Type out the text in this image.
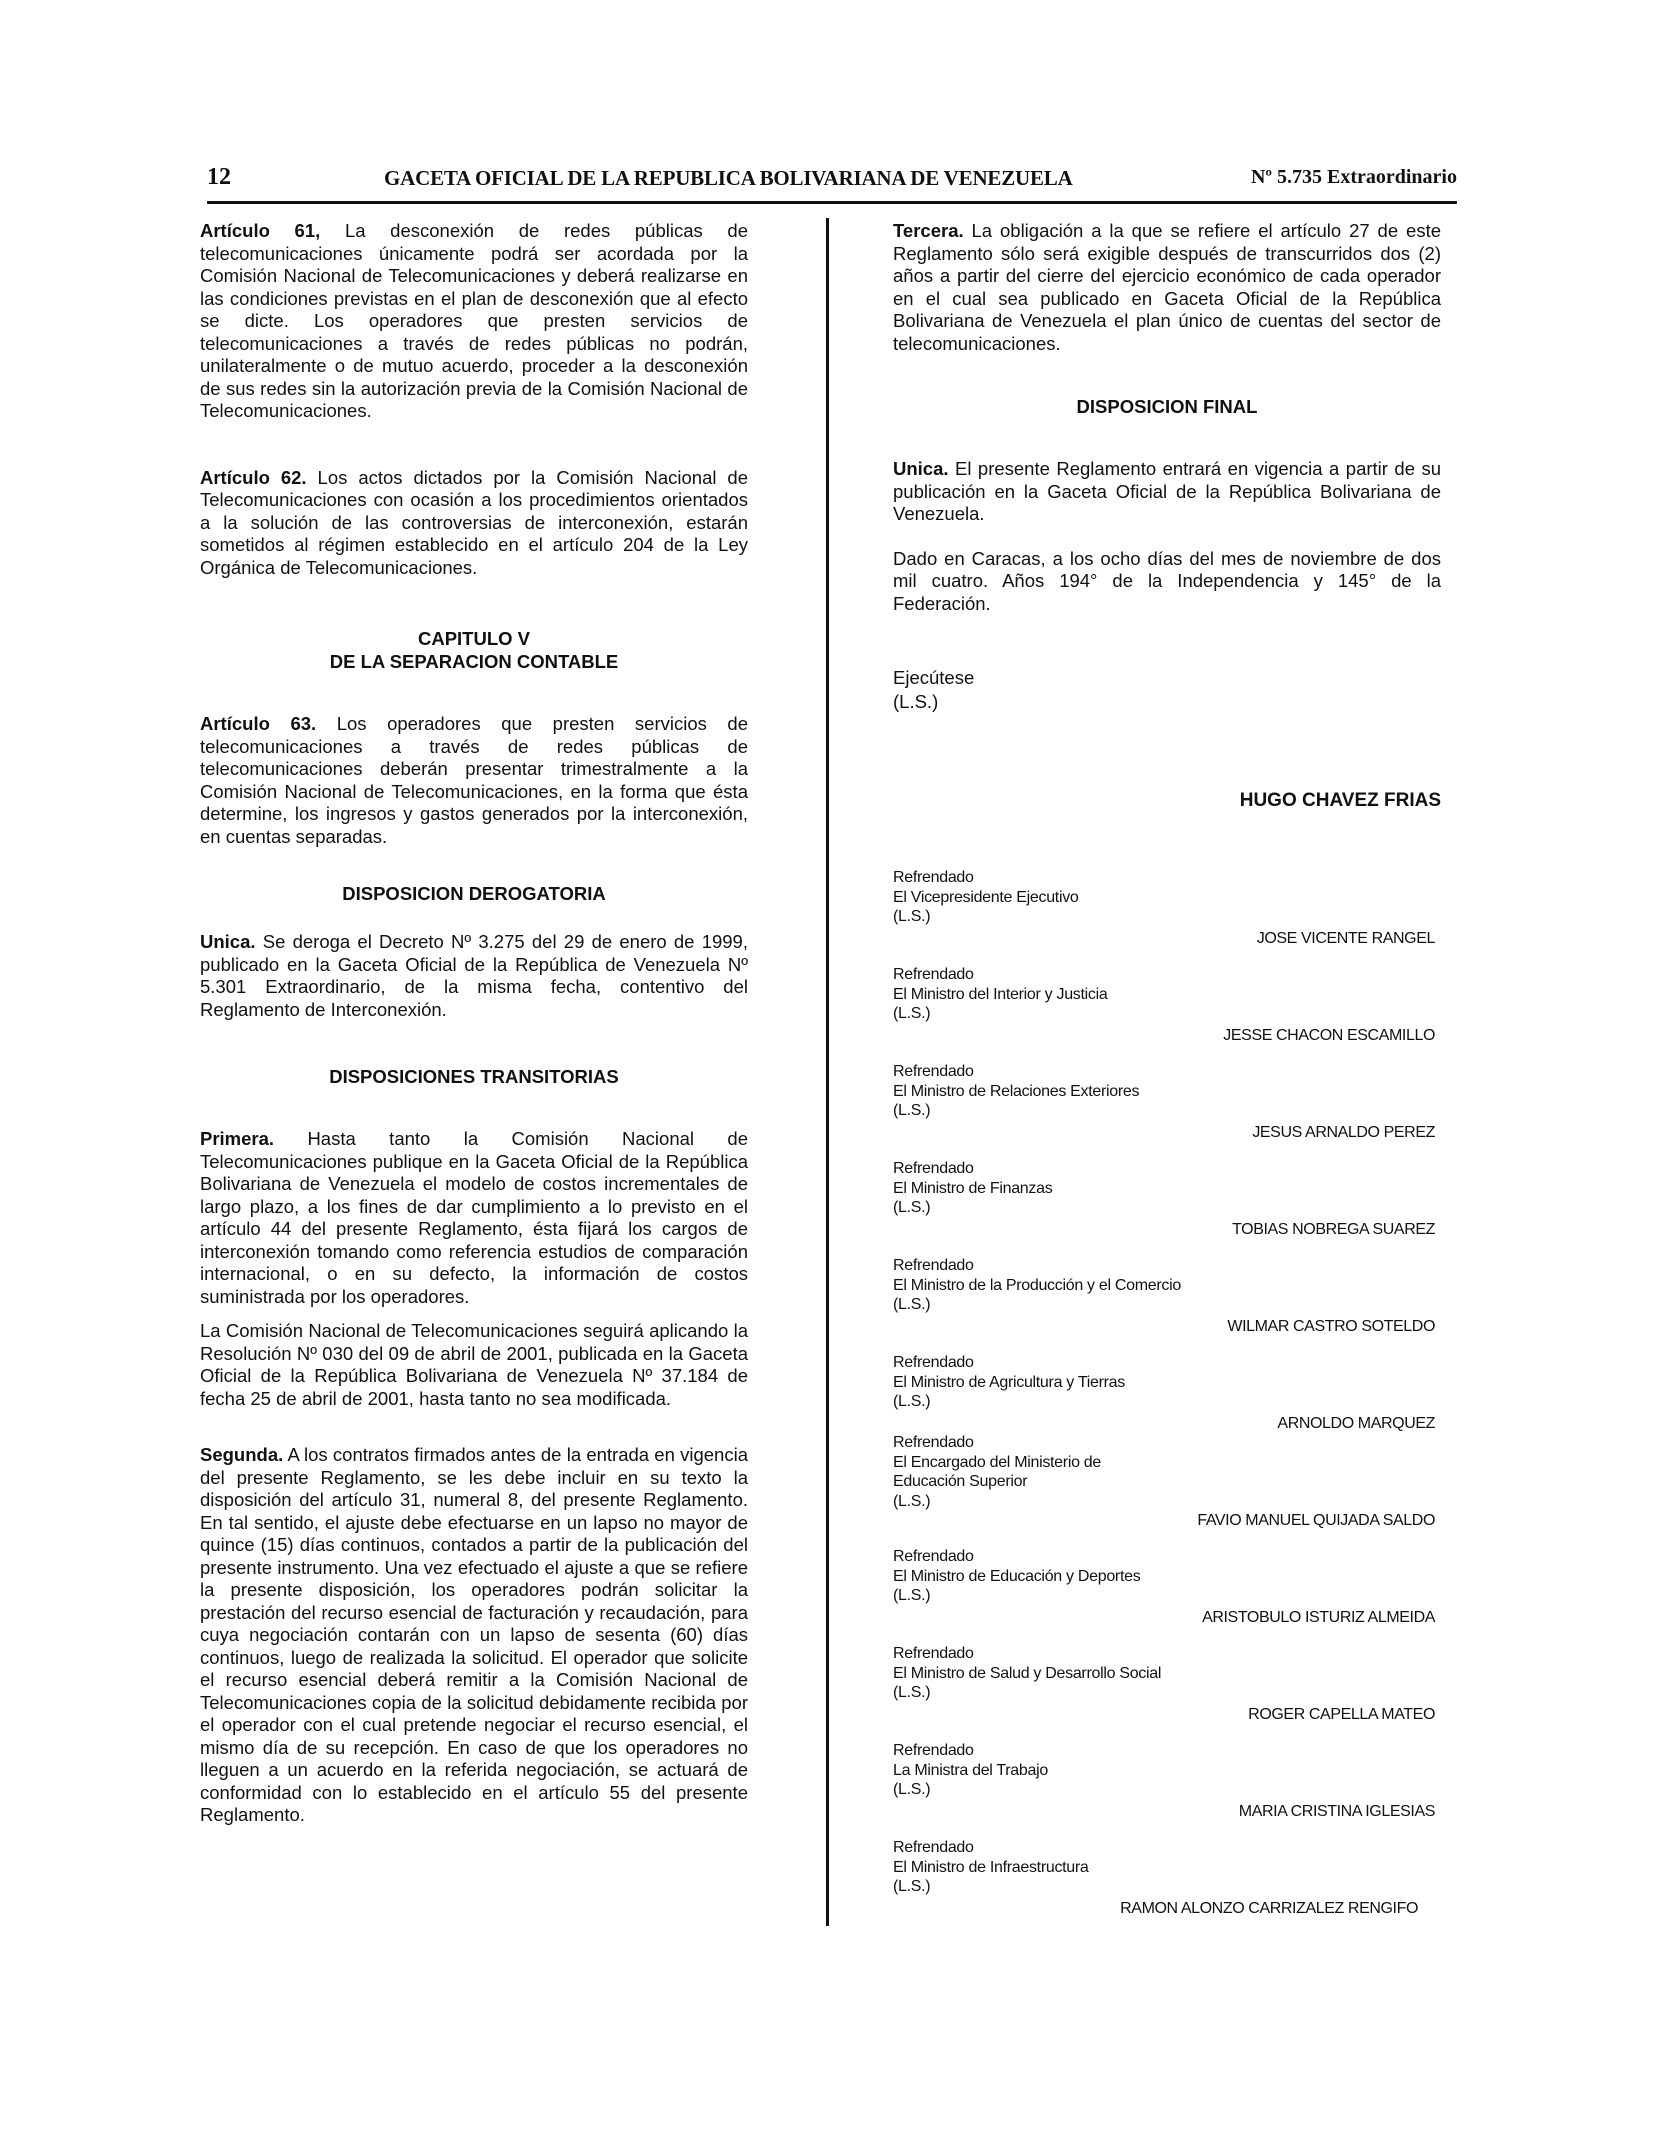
12	GACETA OFICIAL DE LA REPUBLICA BOLIVARIANA DE VENEZUELA	Nº 5.735 Extraordinario

Artículo 61, La desconexión de redes públicas de telecomunicaciones únicamente podrá ser acordada por la Comisión Nacional de Telecomunicaciones y deberá realizarse en las condiciones previstas en el plan de desconexión que al efecto se dicte. Los operadores que presten servicios de telecomunicaciones a través de redes públicas no podrán, unilateralmente o de mutuo acuerdo, proceder a la desconexión de sus redes sin la autorización previa de la Comisión Nacional de Telecomunicaciones.

Artículo 62. Los actos dictados por la Comisión Nacional de Telecomunicaciones con ocasión a los procedimientos orientados a la solución de las controversias de interconexión, estarán sometidos al régimen establecido en el artículo 204 de la Ley Orgánica de Telecomunicaciones.

CAPITULO V
DE LA SEPARACION CONTABLE

Artículo 63. Los operadores que presten servicios de telecomunicaciones a través de redes públicas de telecomunicaciones deberán presentar trimestralmente a la Comisión Nacional de Telecomunicaciones, en la forma que ésta determine, los ingresos y gastos generados por la interconexión, en cuentas separadas.

DISPOSICION DEROGATORIA

Unica. Se deroga el Decreto Nº 3.275 del 29 de enero de 1999, publicado en la Gaceta Oficial de la República de Venezuela Nº 5.301 Extraordinario, de la misma fecha, contentivo del Reglamento de Interconexión.

DISPOSICIONES TRANSITORIAS

Primera. Hasta tanto la Comisión Nacional de Telecomunicaciones publique en la Gaceta Oficial de la República Bolivariana de Venezuela el modelo de costos incrementales de largo plazo, a los fines de dar cumplimiento a lo previsto en el artículo 44 del presente Reglamento, ésta fijará los cargos de interconexión tomando como referencia estudios de comparación internacional, o en su defecto, la información de costos suministrada por los operadores.

La Comisión Nacional de Telecomunicaciones seguirá aplicando la Resolución Nº 030 del 09 de abril de 2001, publicada en la Gaceta Oficial de la República Bolivariana de Venezuela Nº 37.184 de fecha 25 de abril de 2001, hasta tanto no sea modificada.

Segunda. A los contratos firmados antes de la entrada en vigencia del presente Reglamento, se les debe incluir en su texto la disposición del artículo 31, numeral 8, del presente Reglamento. En tal sentido, el ajuste debe efectuarse en un lapso no mayor de quince (15) días continuos, contados a partir de la publicación del presente instrumento. Una vez efectuado el ajuste a que se refiere la presente disposición, los operadores podrán solicitar la prestación del recurso esencial de facturación y recaudación, para cuya negociación contarán con un lapso de sesenta (60) días continuos, luego de realizada la solicitud. El operador que solicite el recurso esencial deberá remitir a la Comisión Nacional de Telecomunicaciones copia de la solicitud debidamente recibida por el operador con el cual pretende negociar el recurso esencial, el mismo día de su recepción. En caso de que los operadores no lleguen a un acuerdo en la referida negociación, se actuará de conformidad con lo establecido en el artículo 55 del presente Reglamento.

Tercera. La obligación a la que se refiere el artículo 27 de este Reglamento sólo será exigible después de transcurridos dos (2) años a partir del cierre del ejercicio económico de cada operador en el cual sea publicado en Gaceta Oficial de la República Bolivariana de Venezuela el plan único de cuentas del sector de telecomunicaciones.

DISPOSICION FINAL

Unica. El presente Reglamento entrará en vigencia a partir de su publicación en la Gaceta Oficial de la República Bolivariana de Venezuela.

Dado en Caracas, a los ocho días del mes de noviembre de dos mil cuatro. Años 194° de la Independencia y 145° de la Federación.

Ejecútese
(L.S.)
HUGO CHAVEZ FRIAS
Refrendado
El Vicepresidente Ejecutivo
(L.S.)
JOSE VICENTE RANGEL
Refrendado
El Ministro del Interior y Justicia
(L.S.)
JESSE CHACON ESCAMILLO
Refrendado
El Ministro de Relaciones Exteriores
(L.S.)
JESUS ARNALDO PEREZ
Refrendado
El Ministro de Finanzas
(L.S.)
TOBIAS NOBREGA SUAREZ
Refrendado
El Ministro de la Producción y el Comercio
(L.S.)
WILMAR CASTRO SOTELDO
Refrendado
El Ministro de Agricultura y Tierras
(L.S.)
ARNOLDO MARQUEZ
Refrendado
El Encargado del Ministerio de Educación Superior
(L.S.)
FAVIO MANUEL QUIJADA SALDO
Refrendado
El Ministro de Educación y Deportes
(L.S.)
ARISTOBULO ISTURIZ ALMEIDA
Refrendado
El Ministro de Salud y Desarrollo Social
(L.S.)
ROGER CAPELLA MATEO
Refrendado
La Ministra del Trabajo
(L.S.)
MARIA CRISTINA IGLESIAS
Refrendado
El Ministro de Infraestructura
(L.S.)
RAMON ALONZO CARRIZALEZ RENGIFO
